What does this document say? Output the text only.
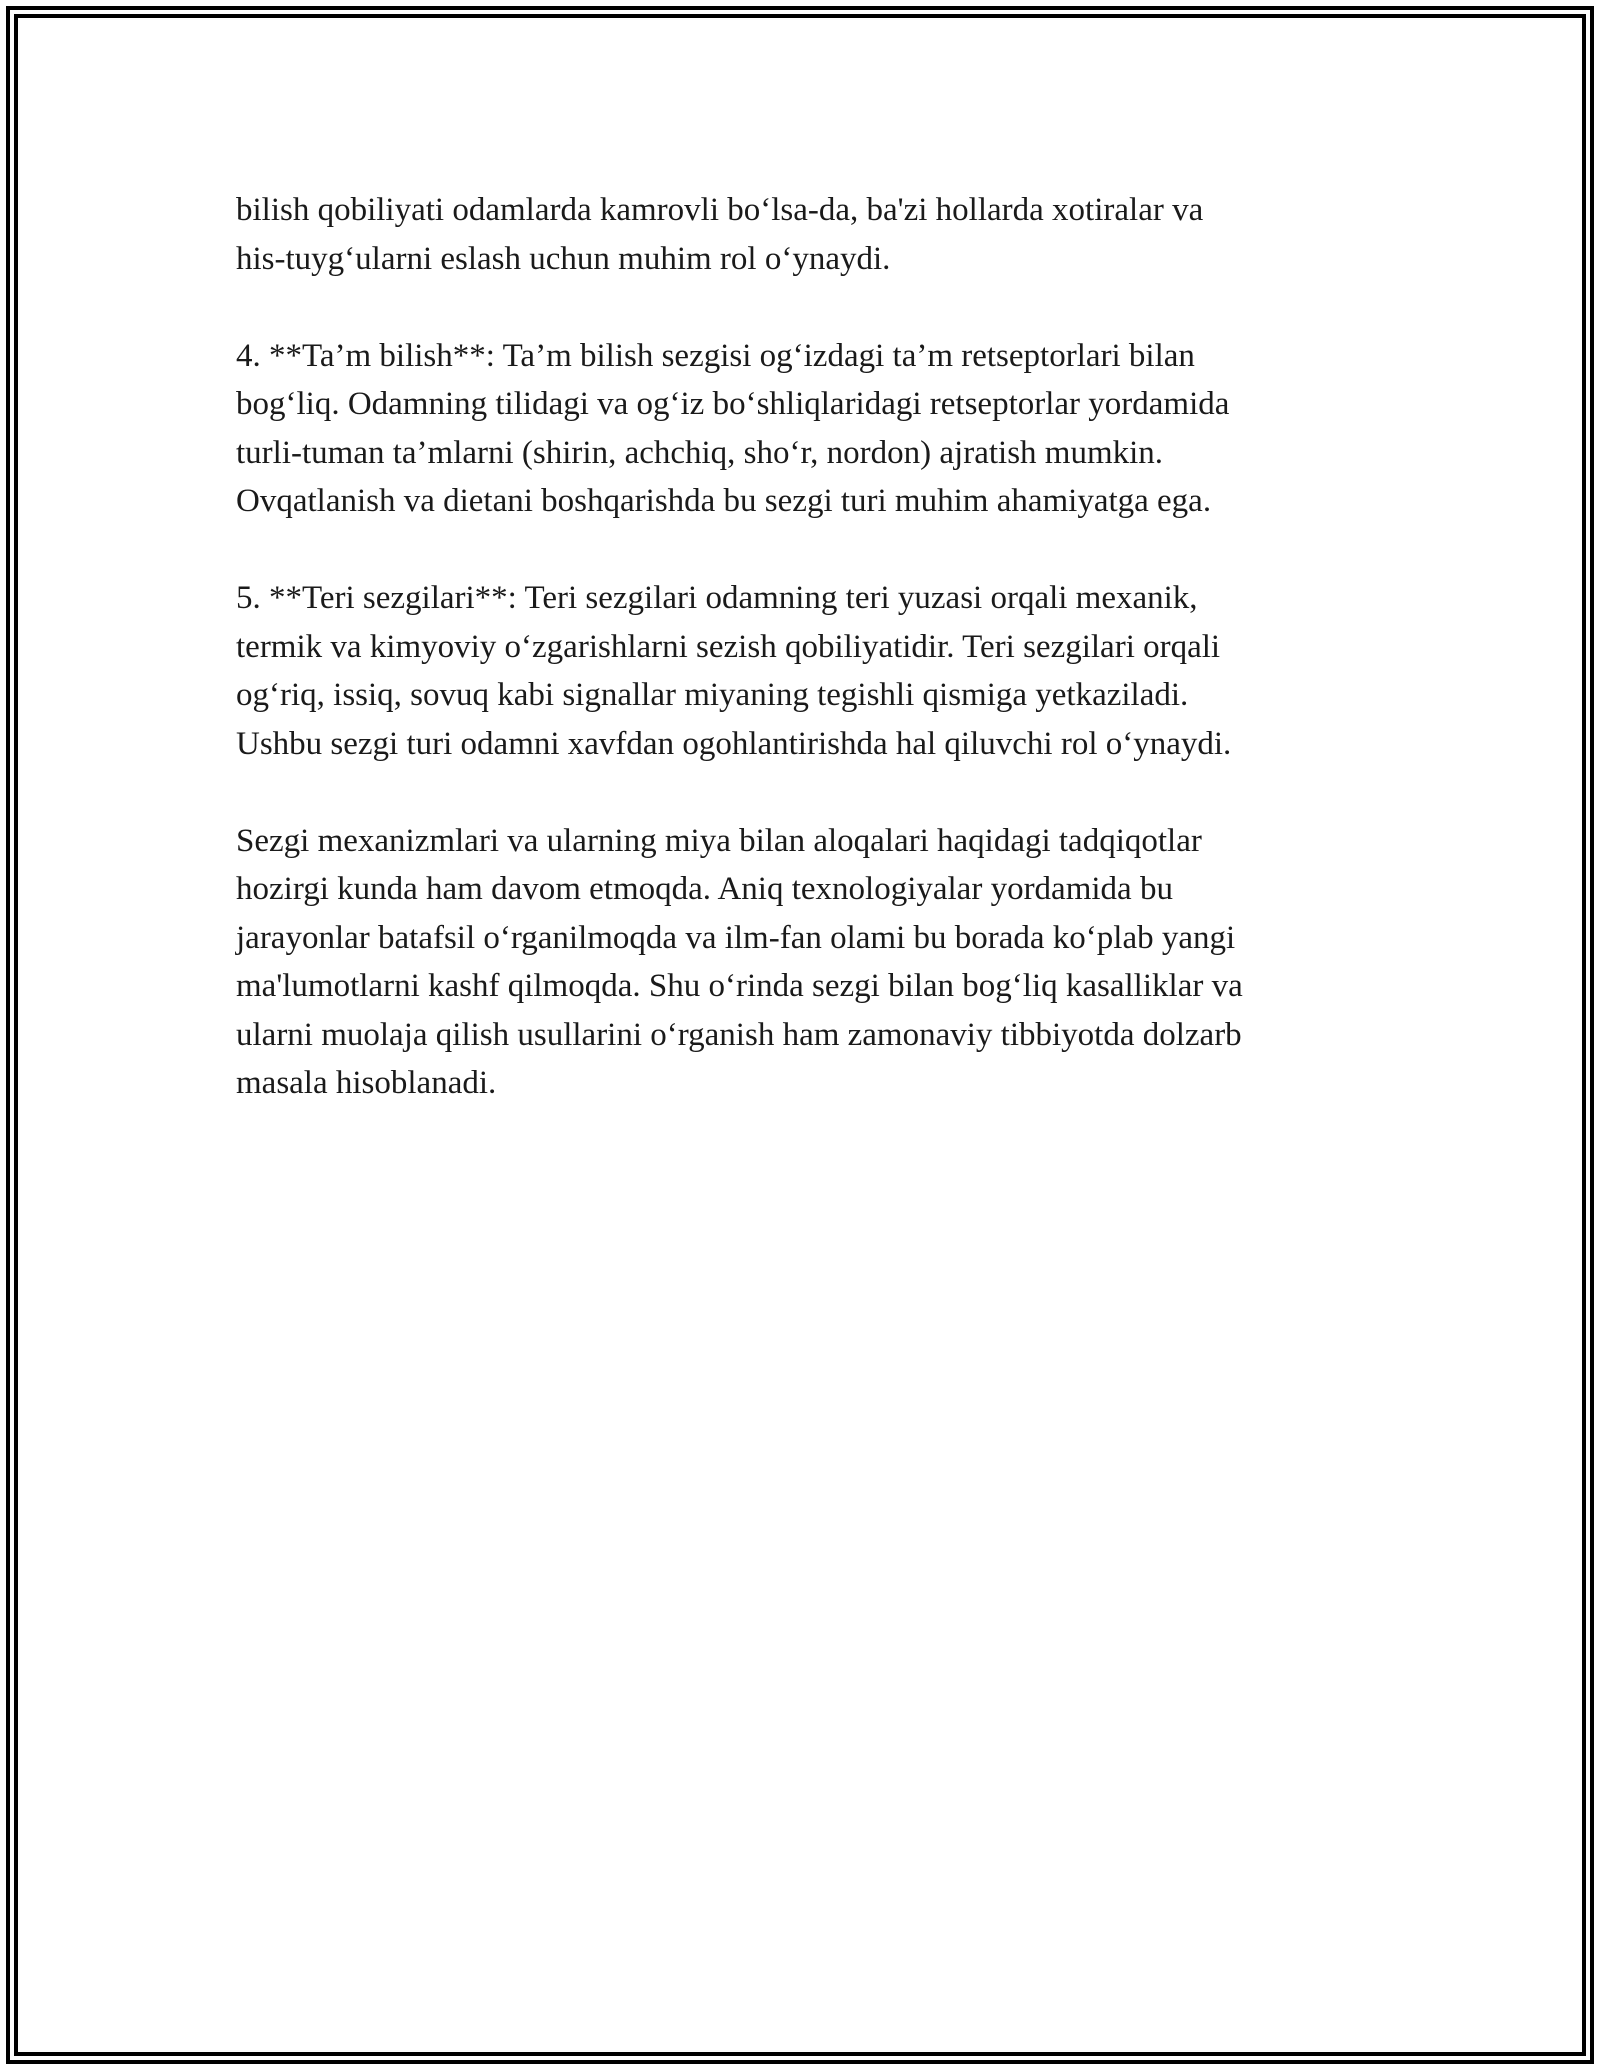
bilish qobiliyati odamlarda kamrovli bo‘lsa-da, ba'zi hollarda xotiralar va
his-tuyg‘ularni eslash uchun muhim rol o‘ynaydi.

4. **Ta’m bilish**: Ta’m bilish sezgisi og‘izdagi ta’m retseptorlari bilan
bog‘liq. Odamning tilidagi va og‘iz bo‘shliqlaridagi retseptorlar yordamida
turli-tuman ta’mlarni (shirin, achchiq, sho‘r, nordon) ajratish mumkin.
Ovqatlanish va dietani boshqarishda bu sezgi turi muhim ahamiyatga ega.

5. **Teri sezgilari**: Teri sezgilari odamning teri yuzasi orqali mexanik,
termik va kimyoviy o‘zgarishlarni sezish qobiliyatidir. Teri sezgilari orqali
og‘riq, issiq, sovuq kabi signallar miyaning tegishli qismiga yetkaziladi.
Ushbu sezgi turi odamni xavfdan ogohlantirishda hal qiluvchi rol o‘ynaydi.

Sezgi mexanizmlari va ularning miya bilan aloqalari haqidagi tadqiqotlar
hozirgi kunda ham davom etmoqda. Aniq texnologiyalar yordamida bu
jarayonlar batafsil o‘rganilmoqda va ilm-fan olami bu borada ko‘plab yangi
ma'lumotlarni kashf qilmoqda. Shu o‘rinda sezgi bilan bog‘liq kasalliklar va
ularni muolaja qilish usullarini o‘rganish ham zamonaviy tibbiyotda dolzarb
masala hisoblanadi.
